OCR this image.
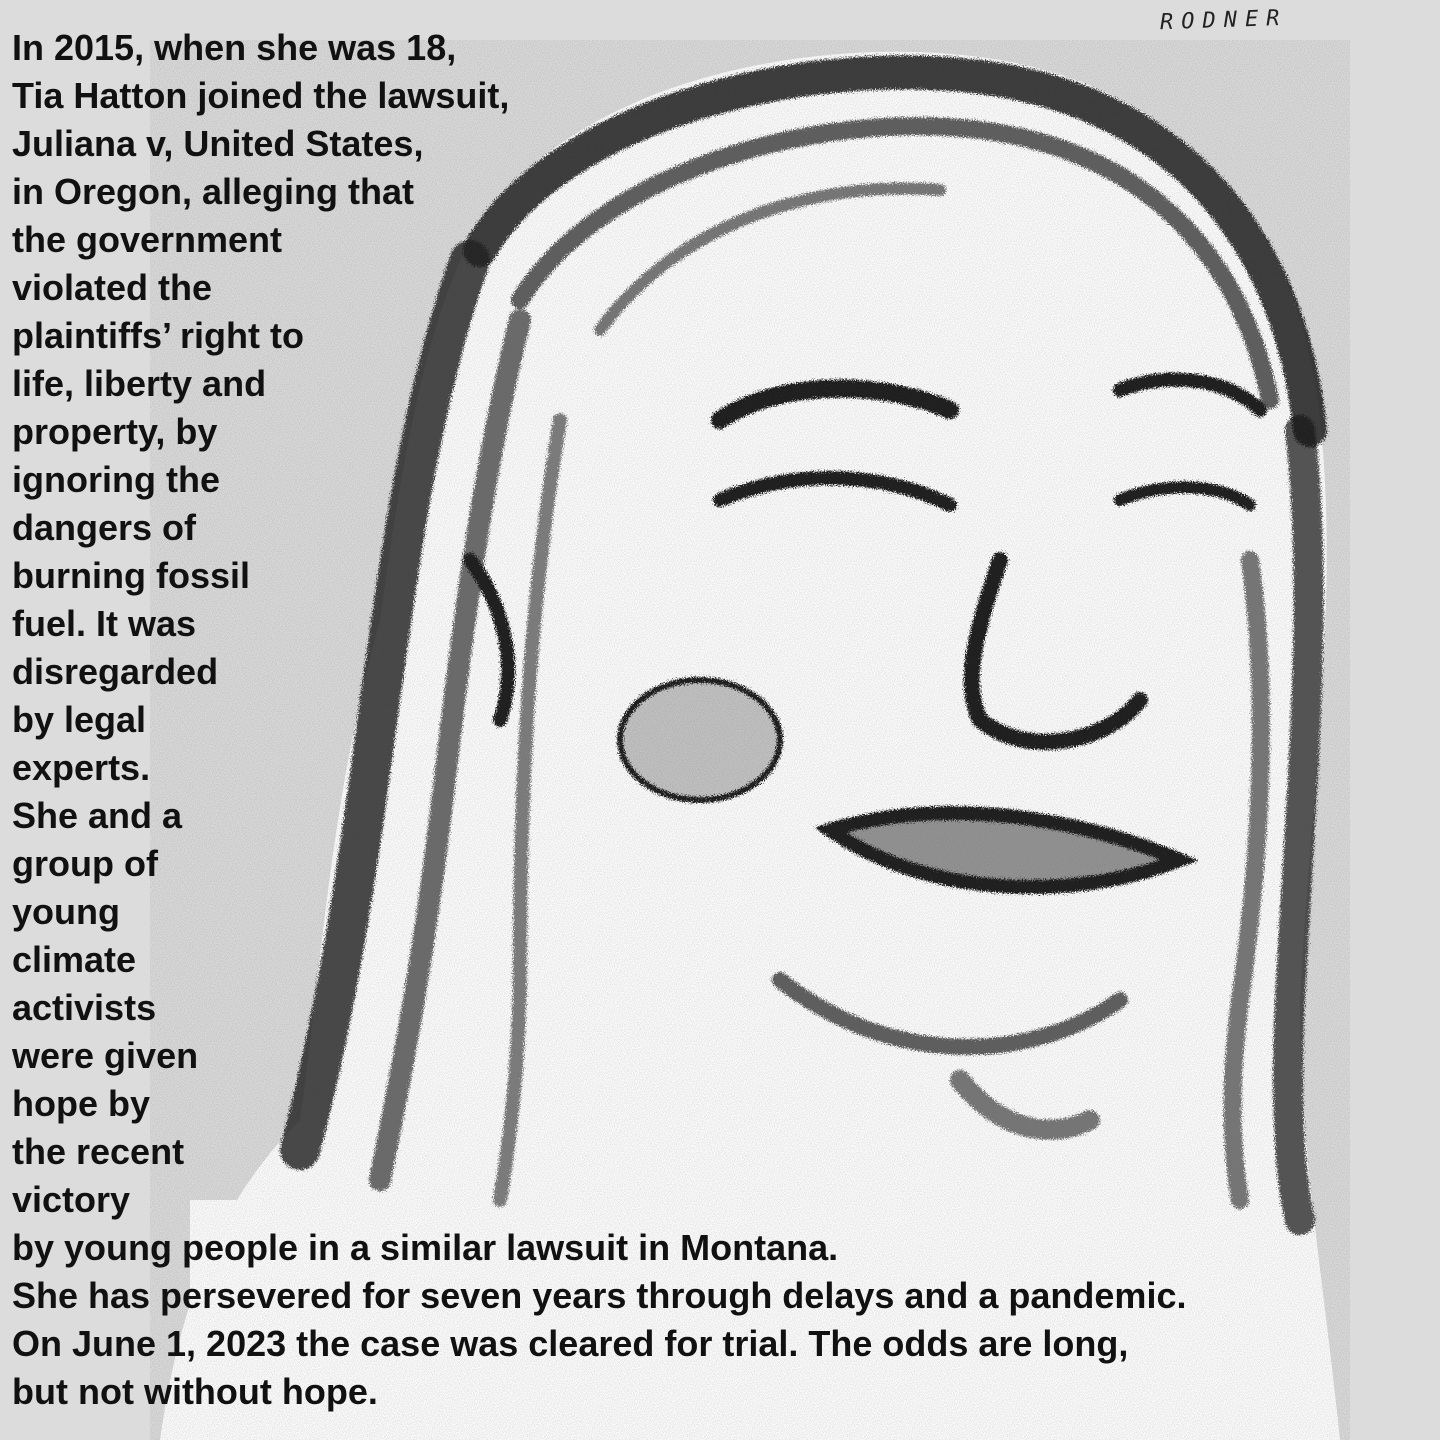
RODNER
In 2015, when she was 18,
Tia Hatton joined the lawsuit,
Juliana v, United States,
in Oregon, alleging that
the government
violated the
plaintiffs’ right to
life, liberty and
property, by
ignoring the
dangers of
burning fossil
fuel. It was
disregarded
by legal
experts.
She and a
group of
young
climate
activists
were given
hope by
the recent
victory
by young people in a similar lawsuit in Montana.
She has persevered for seven years through delays and a pandemic.
On June 1, 2023 the case was cleared for trial. The odds are long,
but not without hope.
